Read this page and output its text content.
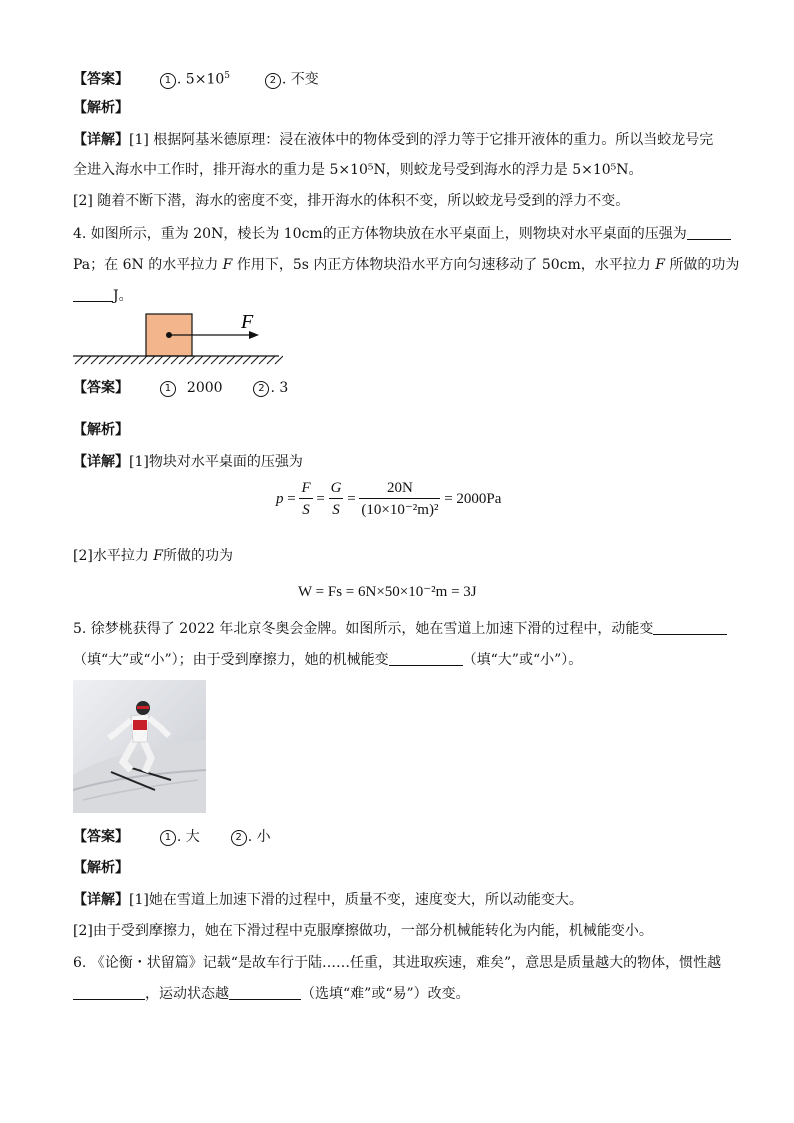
【答案】	1 . $5\times 10^5$	2 . 不变
【解析】
【详解】[1] 根据阿基米德原理：浸在液体中的物体受到的浮力等于它排开液体的重力。所以当蛟龙号完
全进入海水中工作时，排开海水的重力是 5×10⁵N，则蛟龙号受到海水的浮力是 5×10⁵N。
[2] 随着不断下潜，海水的密度不变，排开海水的体积不变，所以蛟龙号受到的浮力不变。
4. 如图所示，重为 20N，棱长为 10cm的正方体物块放在水平桌面上，则物块对水平桌面的压强为
Pa；在 6N 的水平拉力 F 作用下，5s 内正方体物块沿水平方向匀速移动了 50cm，水平拉力 F 所做的功为
J。
F
【答案】	1 2000	2 . 3
【解析】
【详解】[1]物块对水平桌面的压强为
$p = \frac{F}{S} = \frac{G}{S} = \frac{20N}{\text{(10×10⁻²m)²}} = 2000Pa$
[2]水平拉力 F所做的功为
W = Fs = 6N×50×10⁻²m = 3J
5. 徐梦桃获得了 2022 年北京冬奥会金牌。如图所示，她在雪道上加速下滑的过程中，动能变
（填“大”或“小”）；由于受到摩擦力，她的机械能变	（填“大”或“小”）。
【答案】	1 . 大	2 . 小
【解析】
【详解】[1]她在雪道上加速下滑的过程中，质量不变，速度变大，所以动能变大。
[2]由于受到摩擦力，她在下滑过程中克服摩擦做功，一部分机械能转化为内能，机械能变小。
6. 《论衡・状留篇》记载“是故车行于陆……任重，其进取疾速，难矣”，意思是质量越大的物体，惯性越
，运动状态越	（选填“难”或“易”）改变。
